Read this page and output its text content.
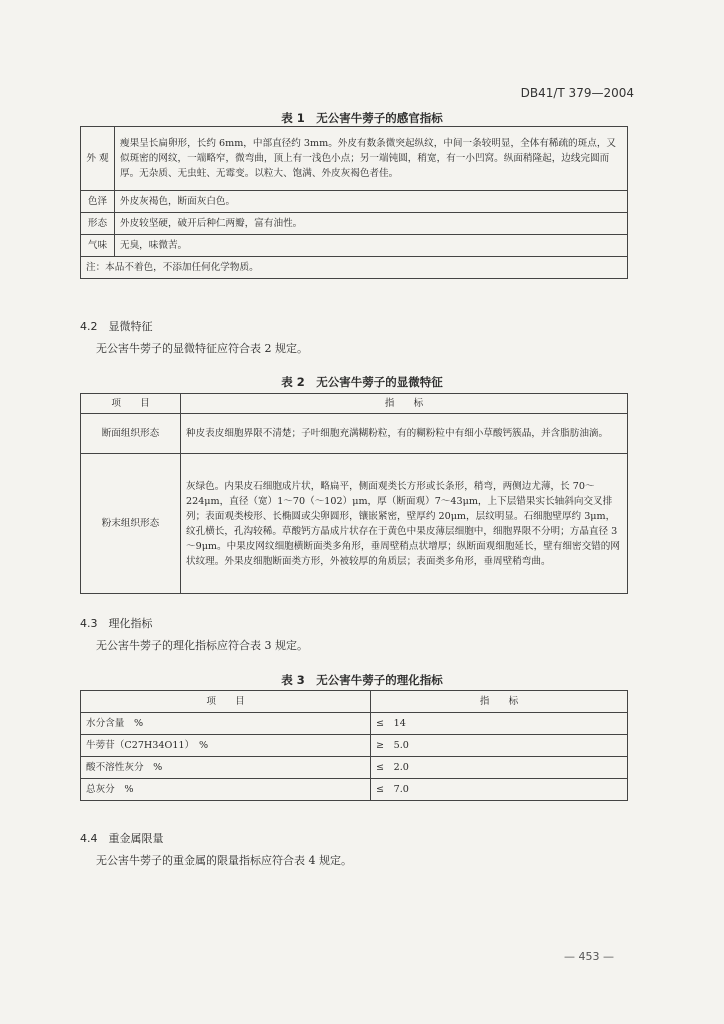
DB41/T 379—2004
表 1　无公害牛蒡子的感官指标
外 观	瘦果呈长扁卵形，长约 6mm，中部直径约 3mm。外皮有数条微突起纵纹，中间一条较明显，全体有稀疏的斑点，又似斑密的网纹，一端略窄，微弯曲，顶上有一浅色小点；另一端钝圆，稍宽，有一小凹窝。纵面稍隆起，边线完圆而厚。无杂质、无虫蛀、无霉变。以粒大、饱满、外皮灰褐色者佳。
色泽	外皮灰褐色，断面灰白色。
形态	外皮较坚硬，破开后种仁两瓣，富有油性。
气味	无臭，味微苦。
注：本品不着色，不添加任何化学物质。	
4.2　显微特征
无公害牛蒡子的显微特征应符合表 2 规定。
表 2　无公害牛蒡子的显微特征
项　　目	指　　标
断面组织形态	种皮表皮细胞界限不清楚；子叶细胞充满糊粉粒，有的糊粉粒中有细小草酸钙簇晶，并含脂肪油滴。
粉末组织形态	灰绿色。内果皮石细胞成片状，略扁平，侧面观类长方形或长条形，稍弯，两侧边尤薄，长 70～224μm，直径（宽）1～70（～102）μm，厚（断面观）7～43μm，上下层错果实长轴斜向交叉排列；表面观类梭形、长椭圆或尖卵圆形，镶嵌紧密，壁厚约 20μm，层纹明显。石细胞壁厚约 3μm，纹孔横长，孔沟较稀。草酸钙方晶成片状存在于黄色中果皮薄层细胞中，细胞界限不分明；方晶直径 3～9μm。中果皮网纹细胞横断面类多角形，垂周壁稍点状增厚；纵断面观细胞延长，壁有细密交错的网状纹理。外果皮细胞断面类方形，外被较厚的角质层；表面类多角形，垂周壁稍弯曲。
4.3　理化指标
无公害牛蒡子的理化指标应符合表 3 规定。
表 3　无公害牛蒡子的理化指标
项　　目	指　　标
水分含量　%	≤　14
牛蒡苷（C27H34O11）　%	≥　5.0
酸不溶性灰分　%	≤　2.0
总灰分　%	≤　7.0
4.4　重金属限量
无公害牛蒡子的重金属的限量指标应符合表 4 规定。
— 453 —
